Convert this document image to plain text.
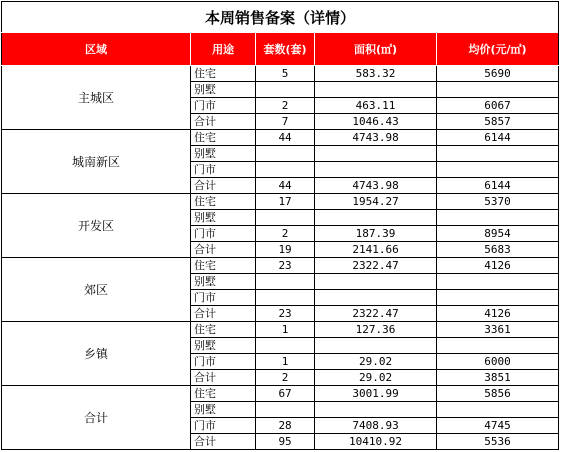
本周销售备案（详情）
区域	用途	套数(套)	面积(㎡)	均价(元/㎡)
主城区	住宅	5	583.32	5690
	别墅			
	门市	2	463.11	6067
	合计	7	1046.43	5857
城南新区	住宅	44	4743.98	6144
	别墅			
	门市			
	合计	44	4743.98	6144
开发区	住宅	17	1954.27	5370
	别墅			
	门市	2	187.39	8954
	合计	19	2141.66	5683
郊区	住宅	23	2322.47	4126
	别墅			
	门市			
	合计	23	2322.47	4126
乡镇	住宅	1	127.36	3361
	别墅			
	门市	1	29.02	6000
	合计	2	29.02	3851
合计	住宅	67	3001.99	5856
	别墅			
	门市	28	7408.93	4745
	合计	95	10410.92	5536
